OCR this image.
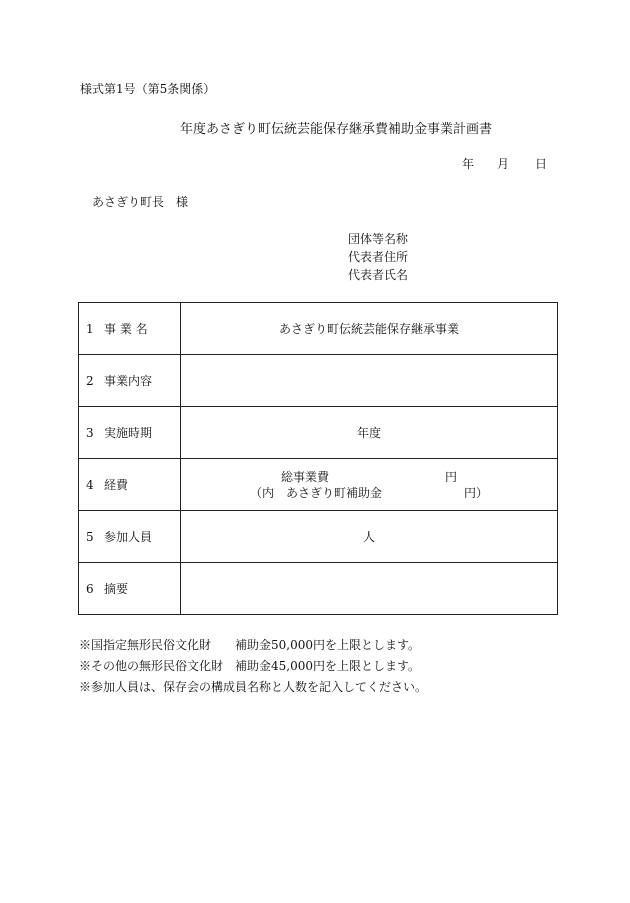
様式第1号（第5条関係）
年度あさぎり町伝統芸能保存継承費補助金事業計画書
年 月 日
あさぎり町長　様
団体等名称
代表者住所
代表者氏名
1 事 業 名	あさぎり町伝統芸能保存継承事業
2 事業内容	
3 実施時期	年度
4 経費	総事業費 円
（内　あさぎり町補助金 円）

5 参加人員	人
6 摘要	
※国指定無形民俗文化財　　補助金50,000円を上限とします。
※その他の無形民俗文化財　補助金45,000円を上限とします。
※参加人員は、保存会の構成員名称と人数を記入してください。
